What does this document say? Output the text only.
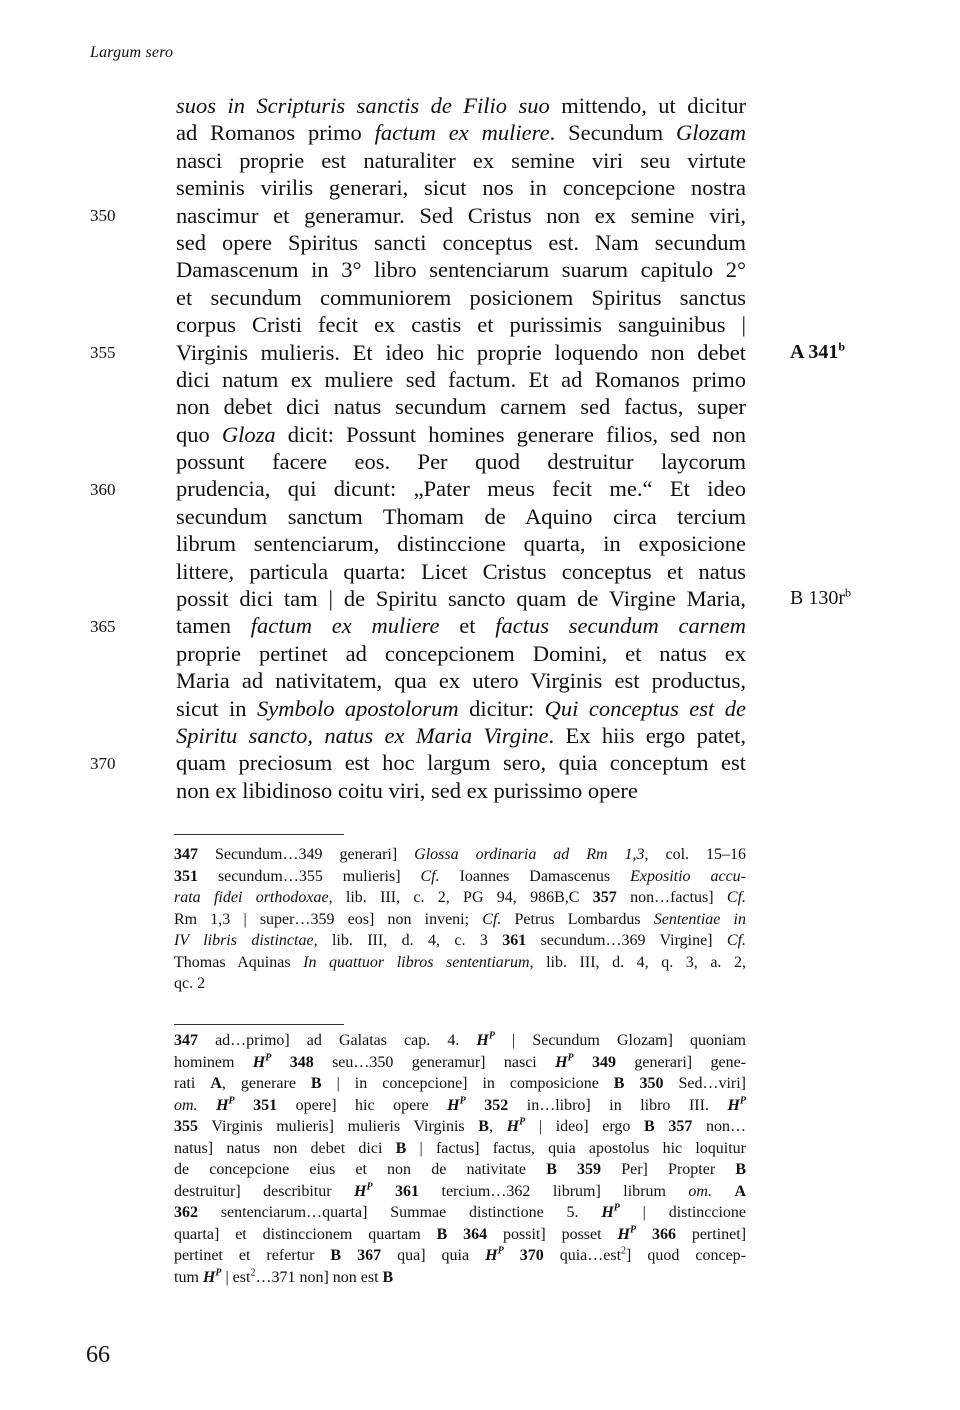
Largum sero
suos in Scripturis sanctis de Filio suo mittendo, ut dicitur
ad Romanos primo factum ex muliere. Secundum Glozam
nasci proprie est naturaliter ex semine viri seu virtute
seminis virilis generari, sicut nos in concepcione nostra
nascimur et generamur. Sed Cristus non ex semine viri,
sed opere Spiritus sancti conceptus est. Nam secundum
Damascenum in 3° libro sentenciarum suarum capitulo 2°
et secundum communiorem posicionem Spiritus sanctus
corpus Cristi fecit ex castis et purissimis sanguinibus |
Virginis mulieris. Et ideo hic proprie loquendo non debet
dici natum ex muliere sed factum. Et ad Romanos primo
non debet dici natus secundum carnem sed factus, super
quo Gloza dicit: Possunt homines generare filios, sed non
possunt facere eos. Per quod destruitur laycorum
prudencia, qui dicunt: „Pater meus fecit me.“ Et ideo
secundum sanctum Thomam de Aquino circa tercium
librum sentenciarum, distinccione quarta, in exposicione
littere, particula quarta: Licet Cristus conceptus et natus
possit dici tam | de Spiritu sancto quam de Virgine Maria,
tamen factum ex muliere et factus secundum carnem
proprie pertinet ad concepcionem Domini, et natus ex
Maria ad nativitatem, qua ex utero Virginis est productus,
sicut in Symbolo apostolorum dicitur: Qui conceptus est de
Spiritu sancto, natus ex Maria Virgine. Ex hiis ergo patet,
quam preciosum est hoc largum sero, quia conceptum est
non ex libidinoso coitu viri, sed ex purissimo opere
350
355
360
365
370
A 341$^b$
B $130r^b$
347 Secundum…349 generari] Glossa ordinaria ad Rm 1,3, col. 15–16
351 secundum…355 mulieris] Cf. Ioannes Damascenus Expositio accu-
rata fidei orthodoxae, lib. III, c. 2, PG 94, 986B,C 357 non…factus] Cf.
Rm 1,3 | super…359 eos] non inveni; Cf. Petrus Lombardus Sententiae in
IV libris distinctae, lib. III, d. 4, c. 3 361 secundum…369 Virgine] Cf.
Thomas Aquinas In quattuor libros sententiarum, lib. III, d. 4, q. 3, a. 2,
qc. 2
347 ad…primo] ad Galatas cap. 4. $H^P$ | Secundum Glozam] quoniam
hominem $H^P$ 348 seu…350 generamur] nasci $H^P$ 349 generari] gene-
rati A, generare B | in concepcione] in composicione B 350 Sed…viri]
om. $H^P$ 351 opere] hic opere $H^P$ 352 in…libro] in libro III. $H^P$
355 Virginis mulieris] mulieris Virginis B, $H^P$ | ideo] ergo B 357 non…
natus] natus non debet dici B | factus] factus, quia apostolus hic loquitur
de concepcione eius et non de nativitate B 359 Per] Propter B
destruitur] describitur $H^P$ 361 tercium…362 librum] librum om. A
362 sentenciarum…quarta] Summae distinctione 5. $H^P$ | distinccione
quarta] et distinccionem quartam B 364 possit] posset $H^P$ 366 pertinet]
pertinet et refertur B 367 qua] quia $H^P$ 370 quia…est$^2$] quod concep-
tum $H^P$ | est$^2$…371 non] non est B
66
